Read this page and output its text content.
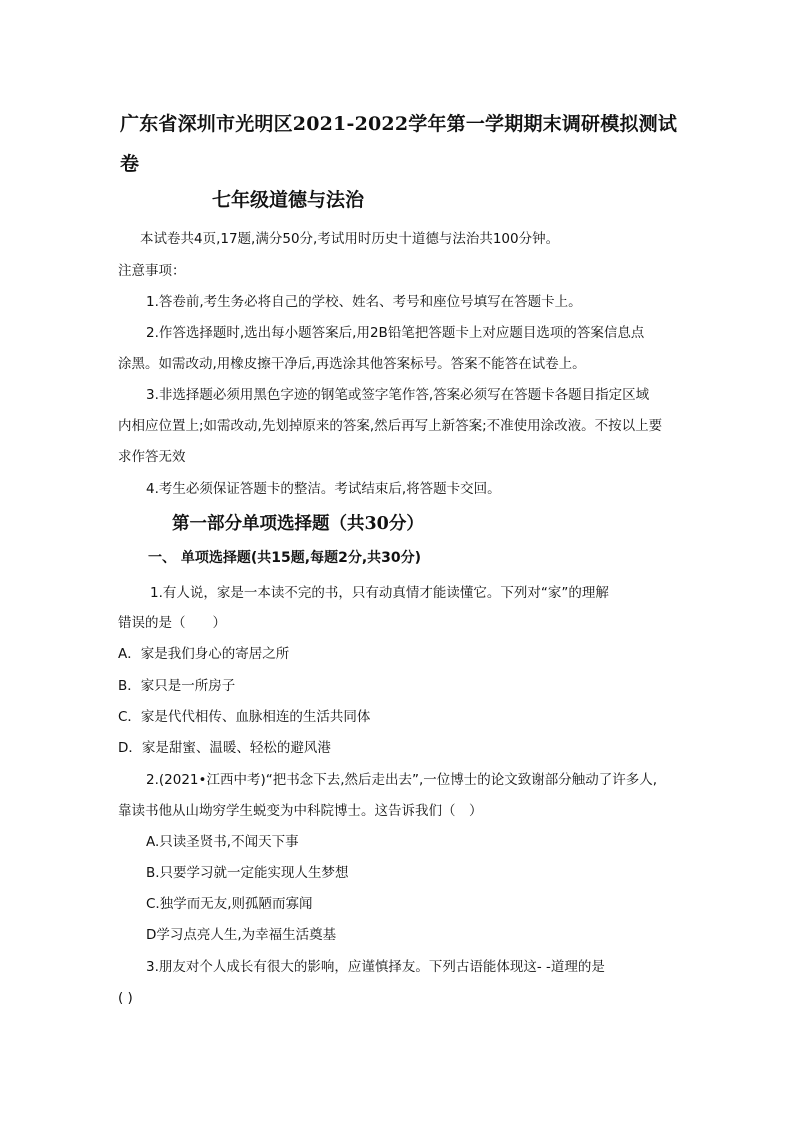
广东省深圳市光明区2021-2022学年第一学期期末调研模拟测试卷
七年级道德与法治
本试卷共4页,17题,满分50分,考试用时历史十道德与法治共100分钟。
注意事项：
1.答卷前,考生务必将自己的学校、姓名、考号和座位号填写在答题卡上。
2.作答选择题时,选出每小题答案后,用2B铅笔把答题卡上对应题目选项的答案信息点
涂黑。如需改动,用橡皮擦干净后,再选涂其他答案标号。答案不能答在试卷上。
3.非选择题必须用黑色字迹的钢笔或签字笔作答,答案必须写在答题卡各题目指定区域
内相应位置上;如需改动,先划掉原来的答案,然后再写上新答案;不准使用涂改液。不按以上要
求作答无效
4.考生必须保证答题卡的整洁。考试结束后,将答题卡交回。
第一部分单项选择题（共30分）
一、 单项选择题(共15题,每题2分,共30分)
1.有人说，家是一本读不完的书，只有动真情才能读懂它。下列对“家”的理解
错误的是（　　）
A．家是我们身心的寄居之所
B．家只是一所房子
C．家是代代相传、血脉相连的生活共同体
D．家是甜蜜、温暖、轻松的避风港
2.(2021•江西中考)“把书念下去,然后走出去”,一位博士的论文致谢部分触动了许多人,
靠读书他从山坳穷学生蜕变为中科院博士。这告诉我们（　）
A.只读圣贤书,不闻天下事
B.只要学习就一定能实现人生梦想
C.独学而无友,则孤陋而寡闻
D学习点亮人生,为幸福生活奠基
3.朋友对个人成长有很大的影响，应谨慎择友。下列古语能体现这- -道理的是
( )
